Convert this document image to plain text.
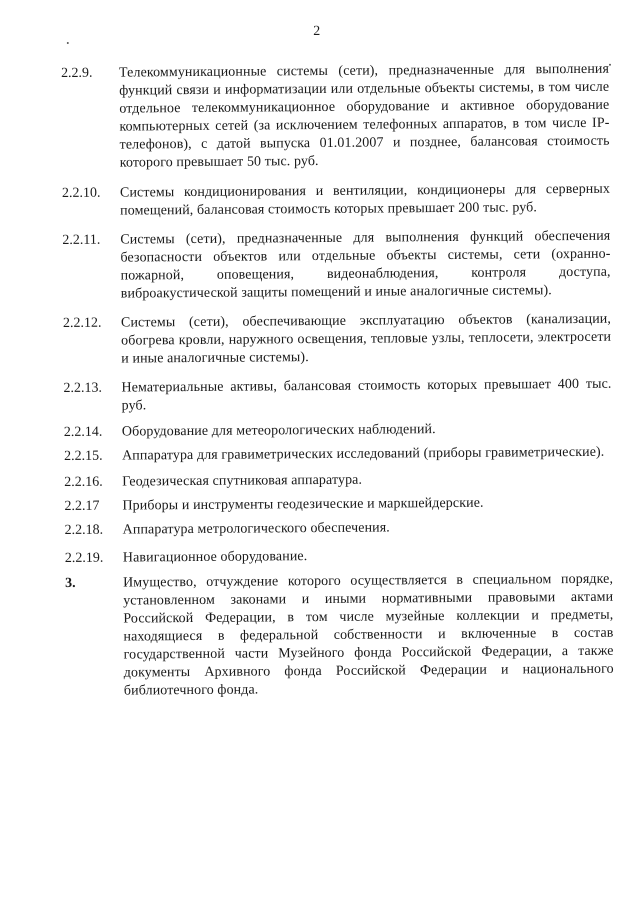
2
2.2.9.	Телекоммуникационные системы (сети), предназначенные для выполнения функций связи и информатизации или отдельные объекты системы, в том числе отдельное телекоммуникационное оборудование и активное оборудование компьютерных сетей (за исключением телефонных аппаратов, в том числе IP-телефонов), с датой выпуска 01.01.2007 и позднее, балансовая стоимость которого превышает 50 тыс. руб.
2.2.10.	Системы кондиционирования и вентиляции, кондиционеры для серверных помещений, балансовая стоимость которых превышает 200 тыс. руб.
2.2.11.	Системы (сети), предназначенные для выполнения функций обеспечения безопасности объектов или отдельные объекты системы, сети (охранно-пожарной, оповещения, видеонаблюдения, контроля доступа, виброакустической защиты помещений и иные аналогичные системы).
2.2.12.	Системы (сети), обеспечивающие эксплуатацию объектов (канализации, обогрева кровли, наружного освещения, тепловые узлы, теплосети, электросети и иные аналогичные системы).
2.2.13.	Нематериальные активы, балансовая стоимость которых превышает 400 тыс. руб.
2.2.14.	Оборудование для метеорологических наблюдений.
2.2.15.	Аппаратура для гравиметрических исследований (приборы гравиметрические).
2.2.16.	Геодезическая спутниковая аппаратура.
2.2.17	Приборы и инструменты геодезические и маркшейдерские.
2.2.18.	Аппаратура метрологического обеспечения.
2.2.19.	Навигационное оборудование.
3.	Имущество, отчуждение которого осуществляется в специальном порядке, установленном законами и иными нормативными правовыми актами Российской Федерации, в том числе музейные коллекции и предметы, находящиеся в федеральной собственности и включенные в состав государственной части Музейного фонда Российской Федерации, а также документы Архивного фонда Российской Федерации и национального библиотечного фонда.
